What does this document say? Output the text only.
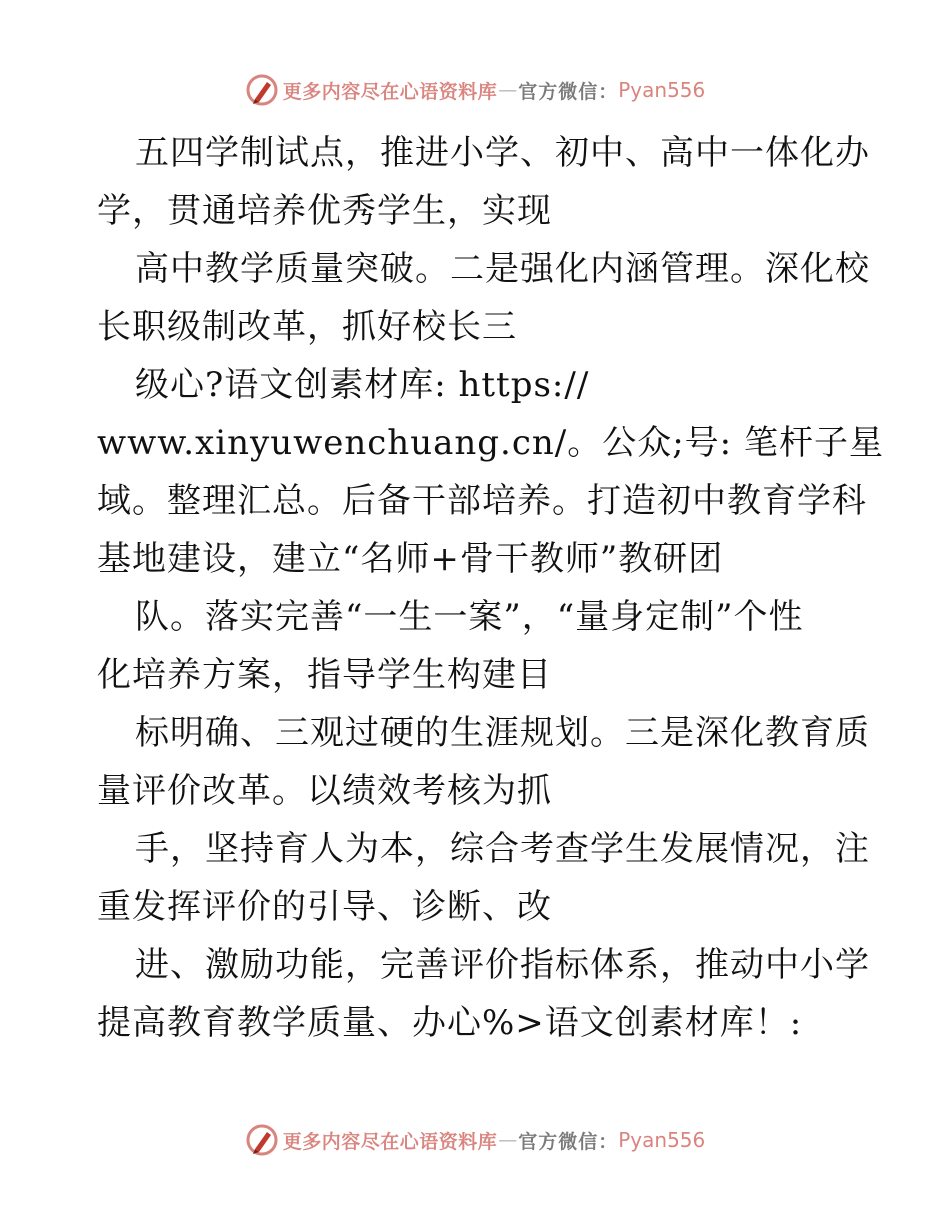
更多内容尽在心语资料库 — 官方微信： Pyan556
五四学制试点，推进小学、初中、高中一体化办
学，贯通培养优秀学生，实现
高中教学质量突破。二是强化内涵管理。深化校
长职级制改革，抓好校长三
级心?语文创素材库: https://
www.xinyuwenchuang.cn/。公众;号: 笔杆子星
域。整理汇总。后备干部培养。打造初中教育学科
基地建设，建立“名师+骨干教师”教研团
队。落实完善“一生一案”，“量身定制”个性
化培养方案，指导学生构建目
标明确、三观过硬的生涯规划。三是深化教育质
量评价改革。以绩效考核为抓
手，坚持育人为本，综合考查学生发展情况，注
重发挥评价的引导、诊断、改
进、激励功能，完善评价指标体系，推动中小学
提高教育教学质量、办心%>语文创素材库！:
更多内容尽在心语资料库 — 官方微信： Pyan556
